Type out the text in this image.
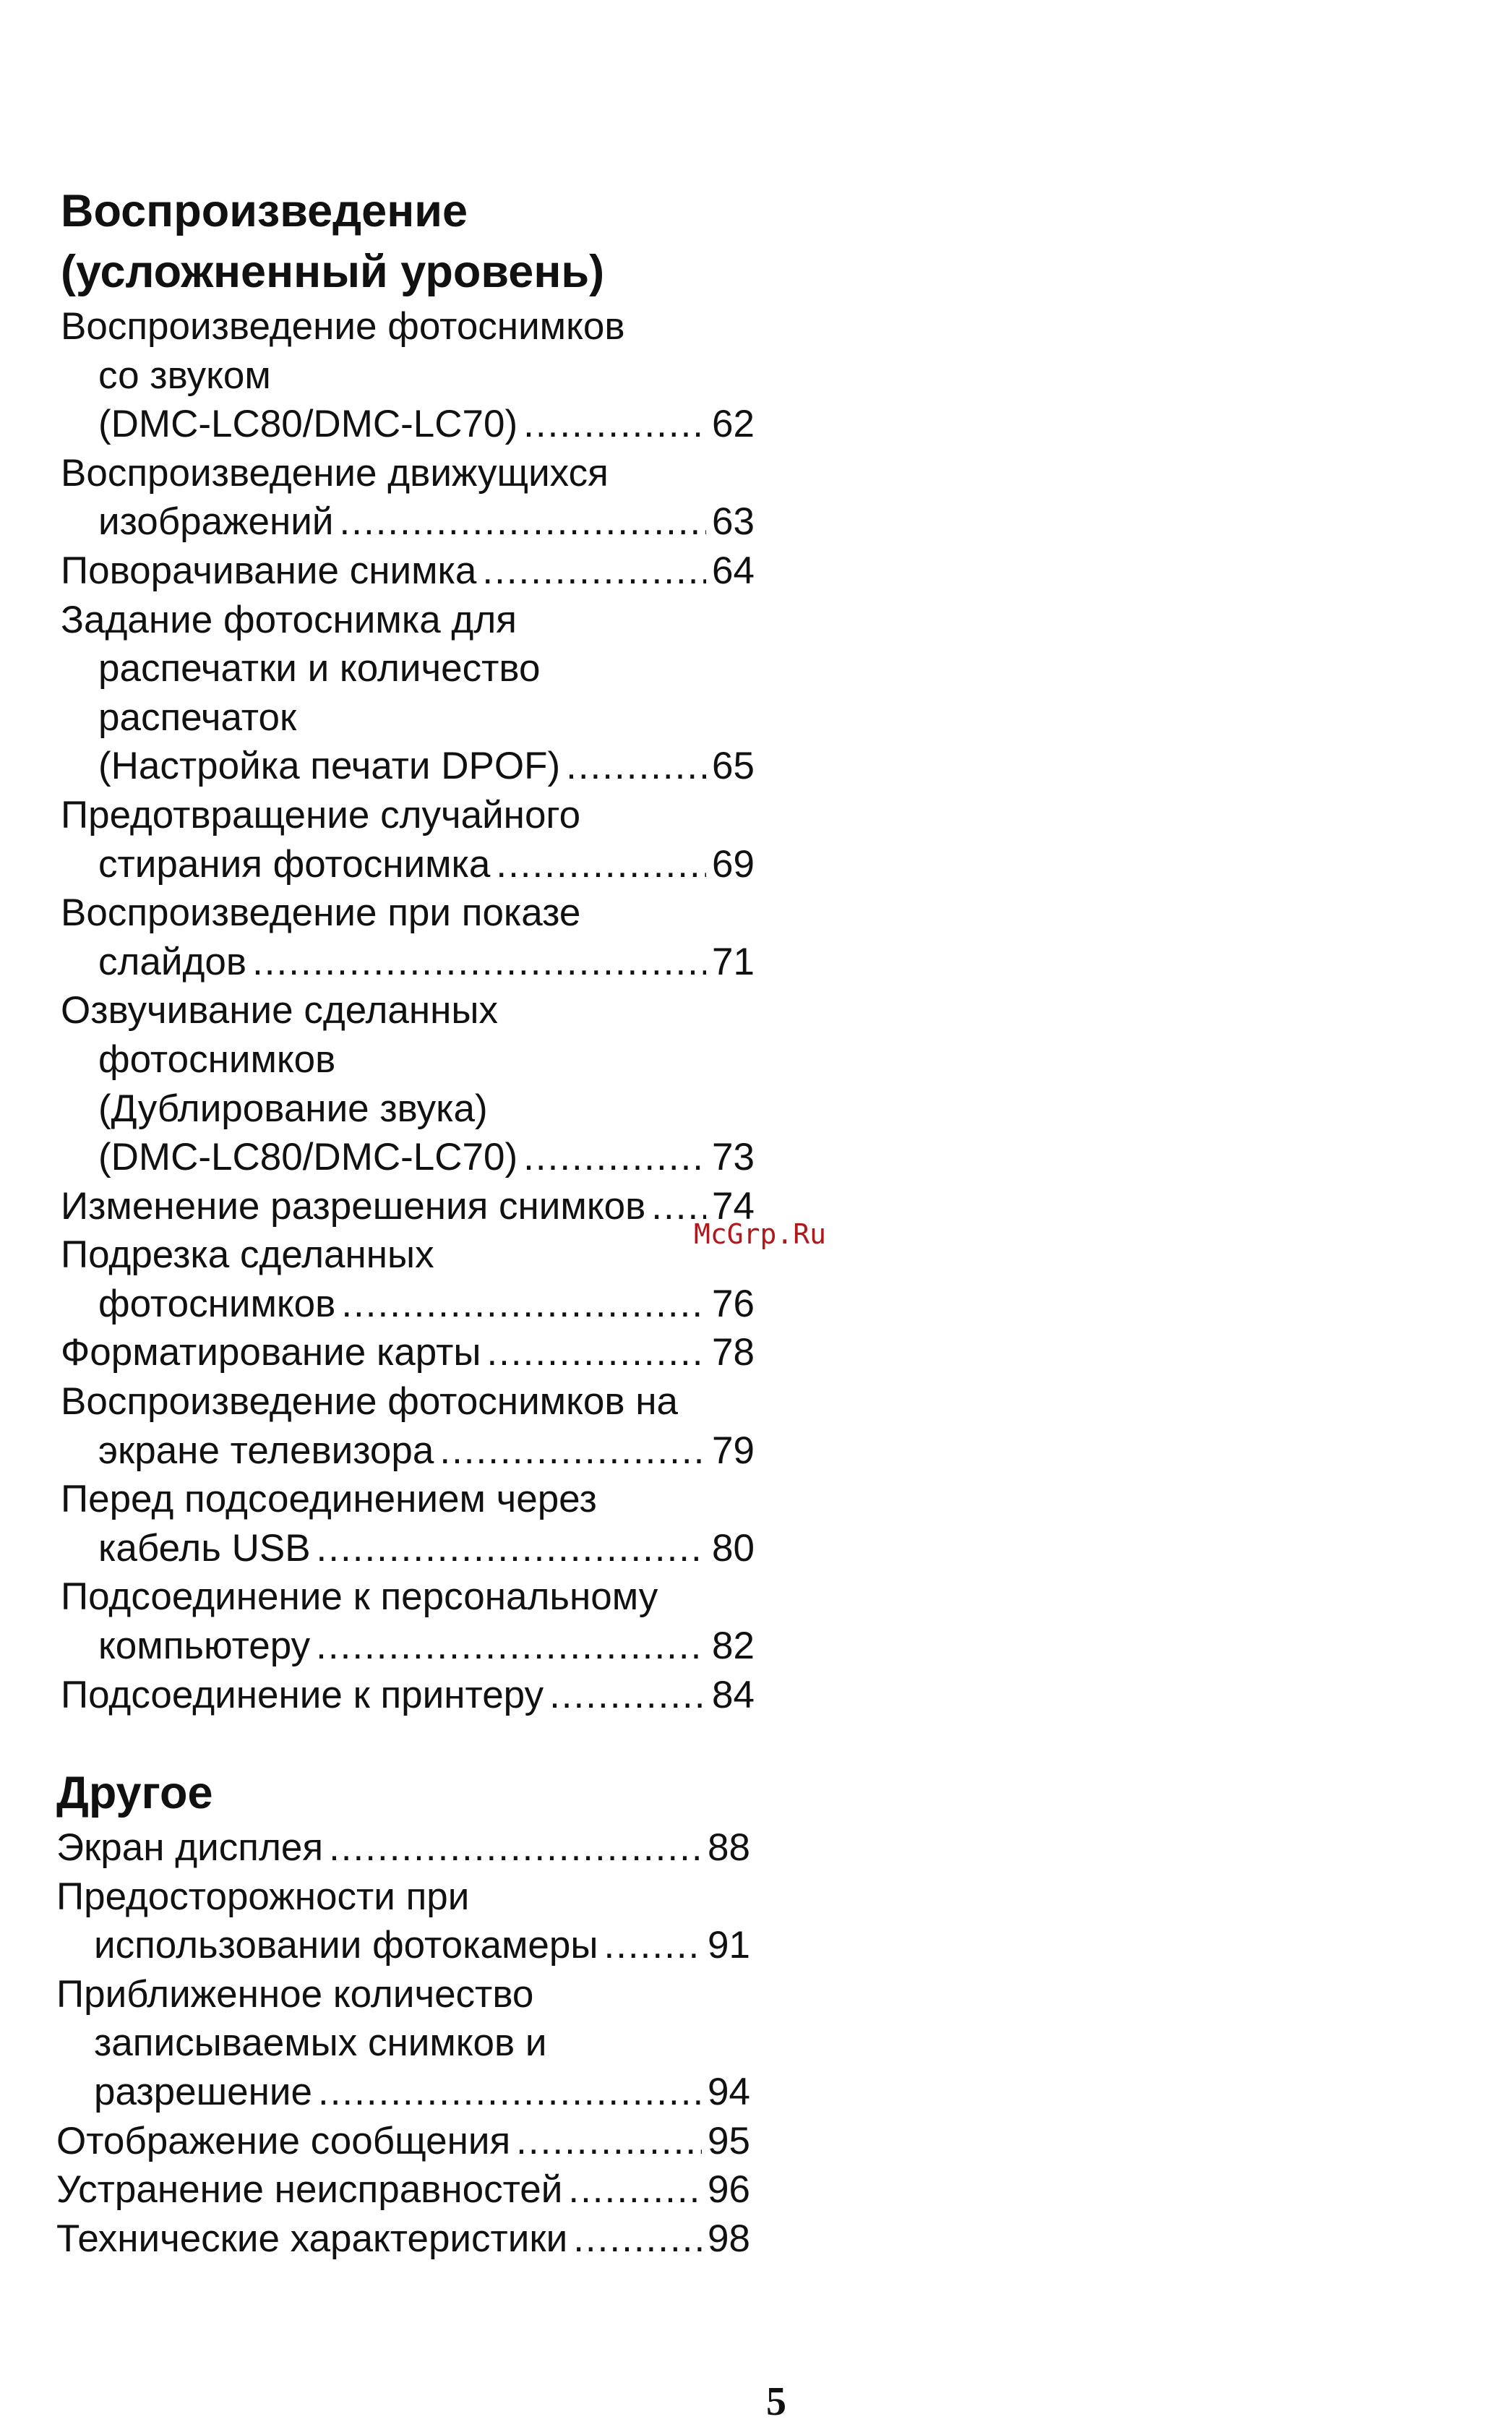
Воспроизведение
(усложненный уровень)
Воспроизведение фотоснимков
со звуком
(DMC-LC80/DMC-LC70) .....	62
Воспроизведение движущихся
изображений .....	63
Поворачивание снимка .....	64
Задание фотоснимка для
распечатки и количество
распечаток
(Настройка печати DPOF) .....	65
Предотвращение случайного
стирания фотоснимка .....	69
Воспроизведение при показе
слайдов .....	71
Озвучивание сделанных
фотоснимков
(Дублирование звука)
(DMC-LC80/DMC-LC70) .....	73
Изменение разрешения снимков ..... 74
Подрезка сделанных
фотоснимков .....	76
Форматирование карты .....	78
Воспроизведение фотоснимков на
экране телевизора .....	79
Перед подсоединением через
кабель USB .....	80
Подсоединение к персональному
компьютеру .....	82
Подсоединение к принтеру .....	84
Другое
Экран дисплея .....	88
Предосторожности при
использовании фотокамеры .....	91
Приближенное количество
записываемых снимков и
разрешение .....	94
Отображение сообщения .....	95
Устранение неисправностей .....	96
Технические характеристики .....	98
McGrp.Ru
5
